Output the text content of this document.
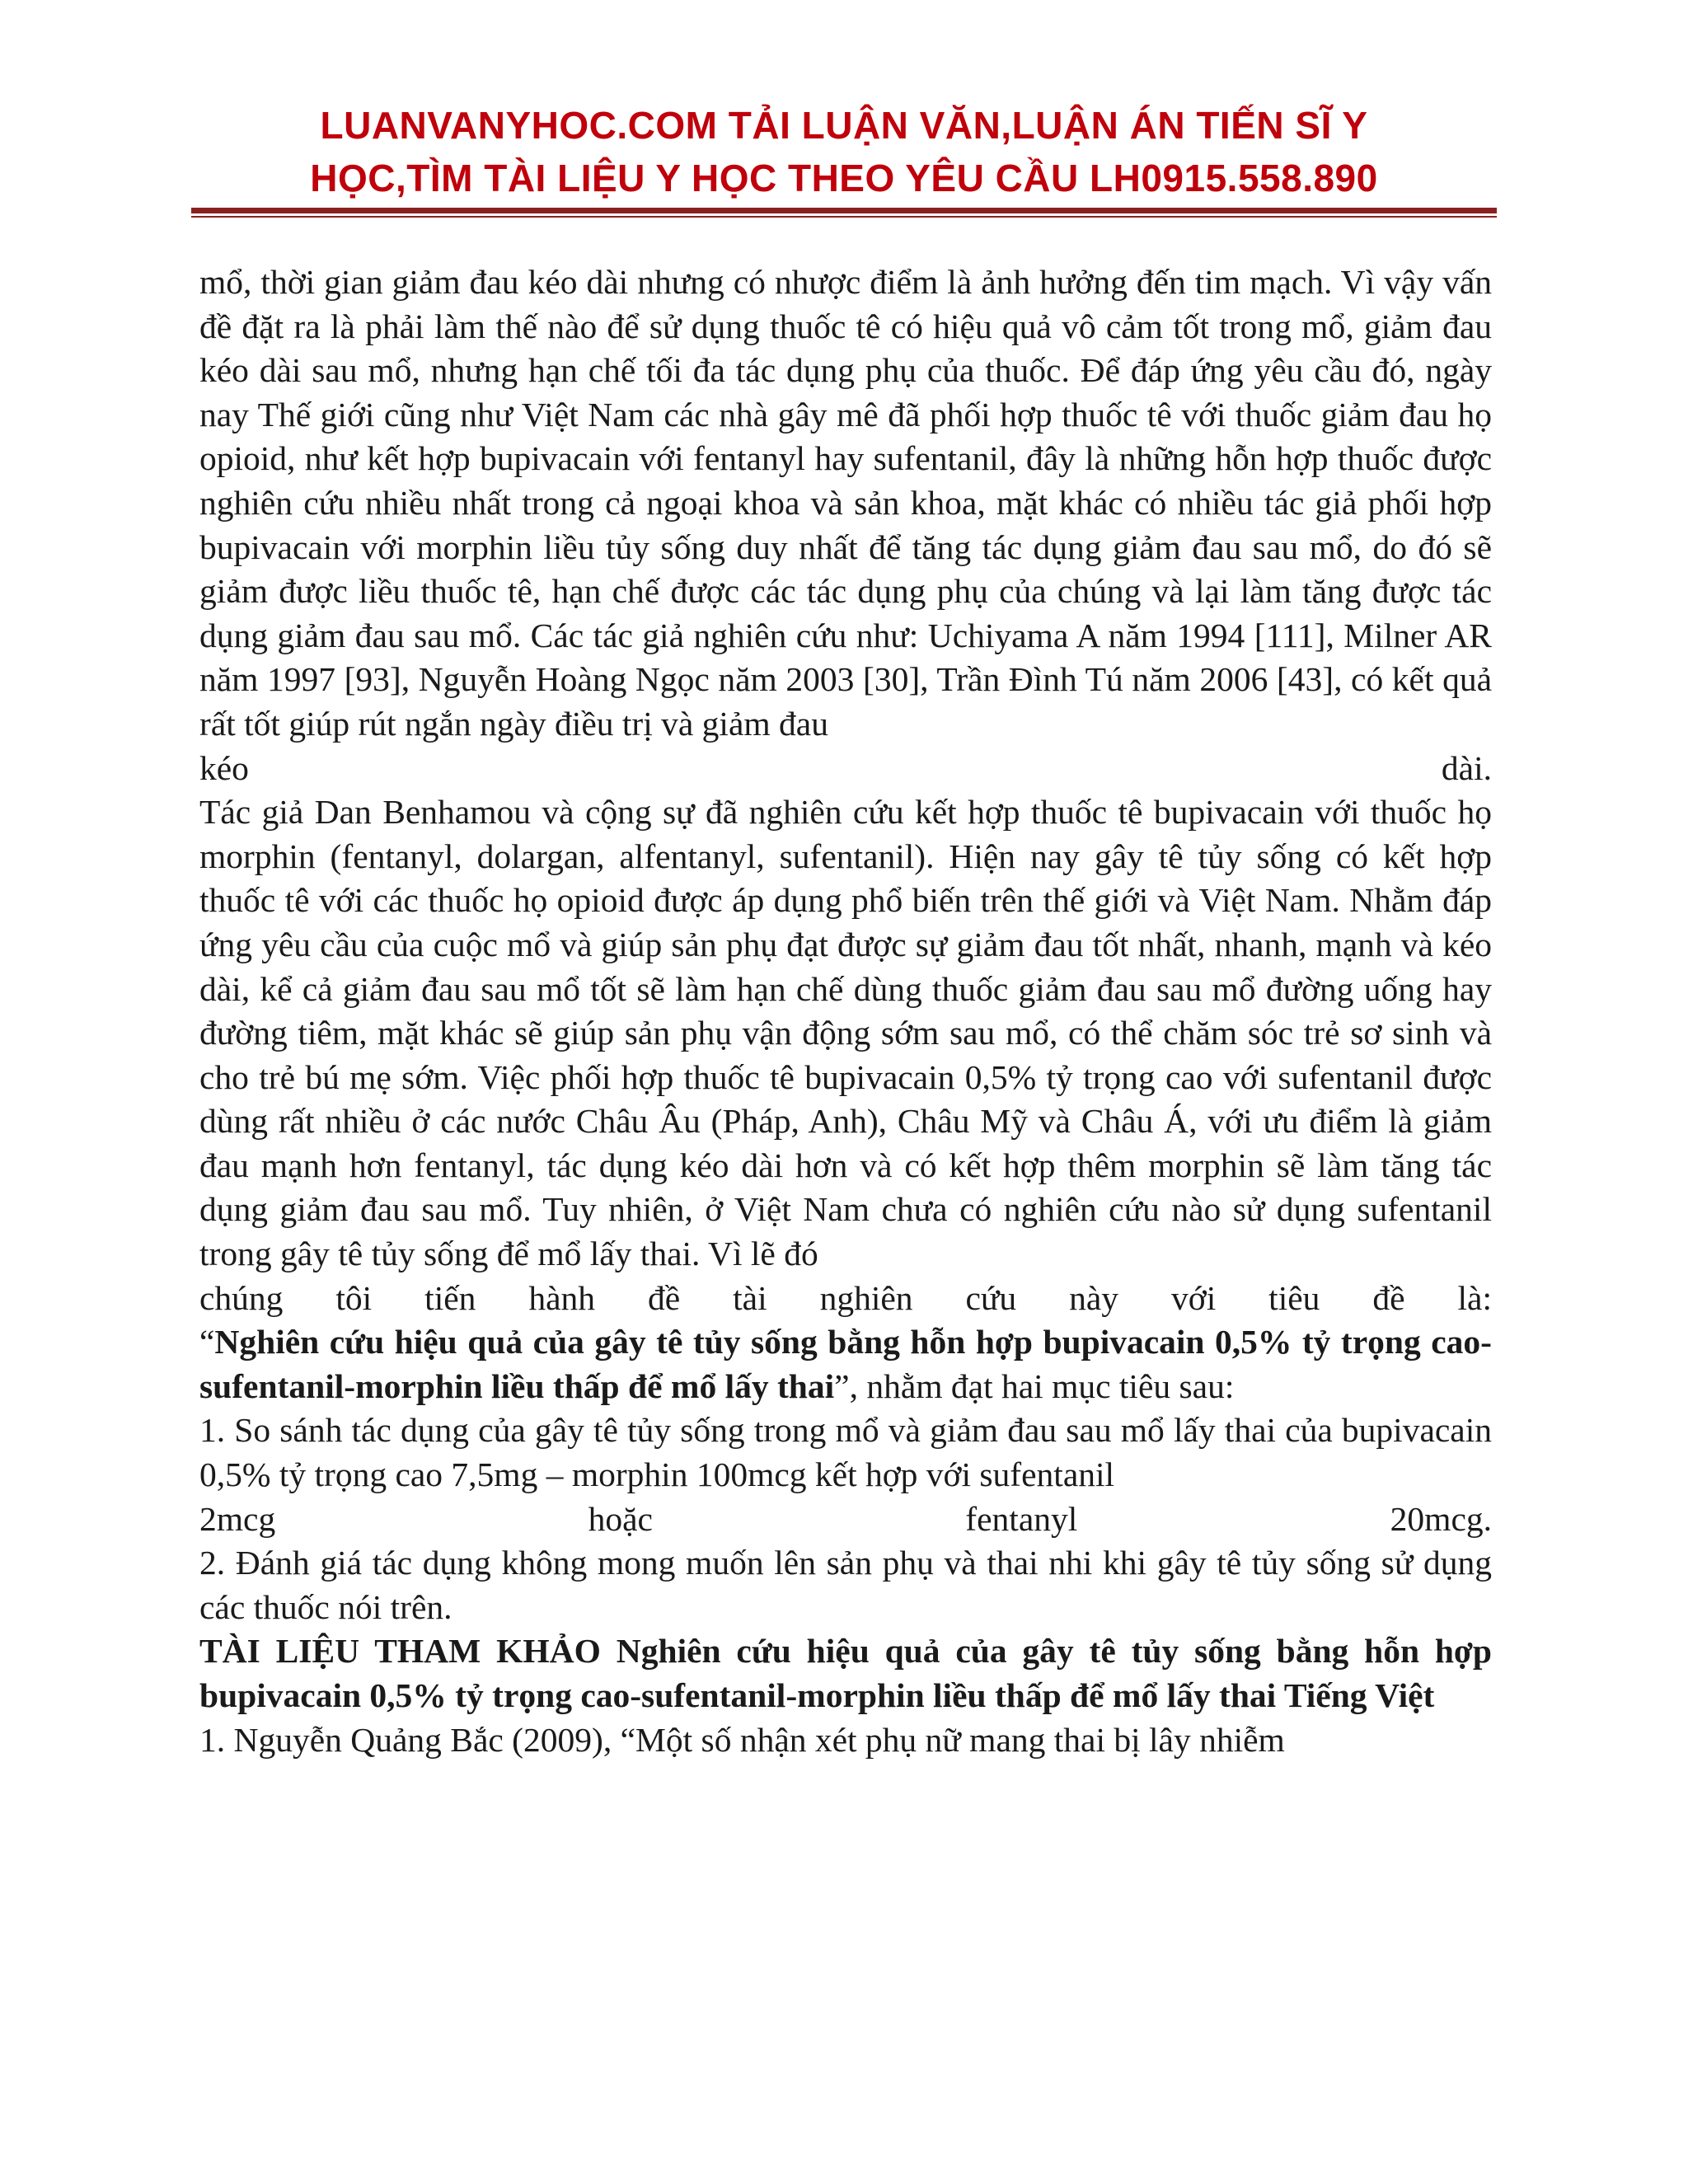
LUANVANYHOC.COM TẢI LUẬN VĂN,LUẬN ÁN TIẾN SĨ Y
HỌC,TÌM TÀI LIỆU Y HỌC THEO YÊU CẦU LH0915.558.890

mổ, thời gian giảm đau kéo dài nhưng có nhược điểm là ảnh hưởng đến tim mạch. Vì vậy vấn đề đặt ra là phải làm thế nào để sử dụng thuốc tê có hiệu quả vô cảm tốt trong mổ, giảm đau kéo dài sau mổ, nhưng hạn chế tối đa tác dụng phụ của thuốc. Để đáp ứng yêu cầu đó, ngày nay Thế giới cũng như Việt Nam các nhà gây mê đã phối hợp thuốc tê với thuốc giảm đau họ opioid, như kết hợp bupivacain với fentanyl hay sufentanil, đây là những hỗn hợp thuốc được nghiên cứu nhiều nhất trong cả ngoại khoa và sản khoa, mặt khác có nhiều tác giả phối hợp bupivacain với morphin liều tủy sống duy nhất để tăng tác dụng giảm đau sau mổ, do đó sẽ giảm được liều thuốc tê, hạn chế được các tác dụng phụ của chúng và lại làm tăng được tác dụng giảm đau sau mổ. Các tác giả nghiên cứu như: Uchiyama A năm 1994 [111], Milner AR năm 1997 [93], Nguyễn Hoàng Ngọc năm 2003 [30], Trần Đình Tú năm 2006 [43], có kết quả rất tốt giúp rút ngắn ngày điều trị và giảm đau

kéo dài.

Tác giả Dan Benhamou và cộng sự đã nghiên cứu kết hợp thuốc tê bupivacain với thuốc họ morphin (fentanyl, dolargan, alfentanyl, sufentanil). Hiện nay gây tê tủy sống có kết hợp thuốc tê với các thuốc họ opioid được áp dụng phổ biến trên thế giới và Việt Nam. Nhằm đáp ứng yêu cầu của cuộc mổ và giúp sản phụ đạt được sự giảm đau tốt nhất, nhanh, mạnh và kéo dài, kể cả giảm đau sau mổ tốt sẽ làm hạn chế dùng thuốc giảm đau sau mổ đường uống hay đường tiêm, mặt khác sẽ giúp sản phụ vận động sớm sau mổ, có thể chăm sóc trẻ sơ sinh và cho trẻ bú mẹ sớm. Việc phối hợp thuốc tê bupivacain 0,5% tỷ trọng cao với sufentanil được dùng rất nhiều ở các nước Châu Âu (Pháp, Anh), Châu Mỹ và Châu Á, với ưu điểm là giảm đau mạnh hơn fentanyl, tác dụng kéo dài hơn và có kết hợp thêm morphin sẽ làm tăng tác dụng giảm đau sau mổ. Tuy nhiên, ở Việt Nam chưa có nghiên cứu nào sử dụng sufentanil trong gây tê tủy sống để mổ lấy thai. Vì lẽ đó

chúng tôi tiến hành đề tài nghiên cứu này với tiêu đề là:

“Nghiên cứu hiệu quả của gây tê tủy sống bằng hỗn hợp bupivacain 0,5% tỷ trọng cao-sufentanil-morphin liều thấp để mổ lấy thai”, nhằm đạt hai mục tiêu sau:

1. So sánh tác dụng của gây tê tủy sống trong mổ và giảm đau sau mổ lấy thai của bupivacain 0,5% tỷ trọng cao 7,5mg – morphin 100mcg kết hợp với sufentanil

2mcg hoặc fentanyl 20mcg.

2. Đánh giá tác dụng không mong muốn lên sản phụ và thai nhi khi gây tê tủy sống sử dụng các thuốc nói trên.

TÀI LIỆU THAM KHẢO Nghiên cứu hiệu quả của gây tê tủy sống bằng hỗn hợp bupivacain 0,5% tỷ trọng cao-sufentanil-morphin liều thấp để mổ lấy thai Tiếng Việt

1. Nguyễn Quảng Bắc (2009), “Một số nhận xét phụ nữ mang thai bị lây nhiễm
